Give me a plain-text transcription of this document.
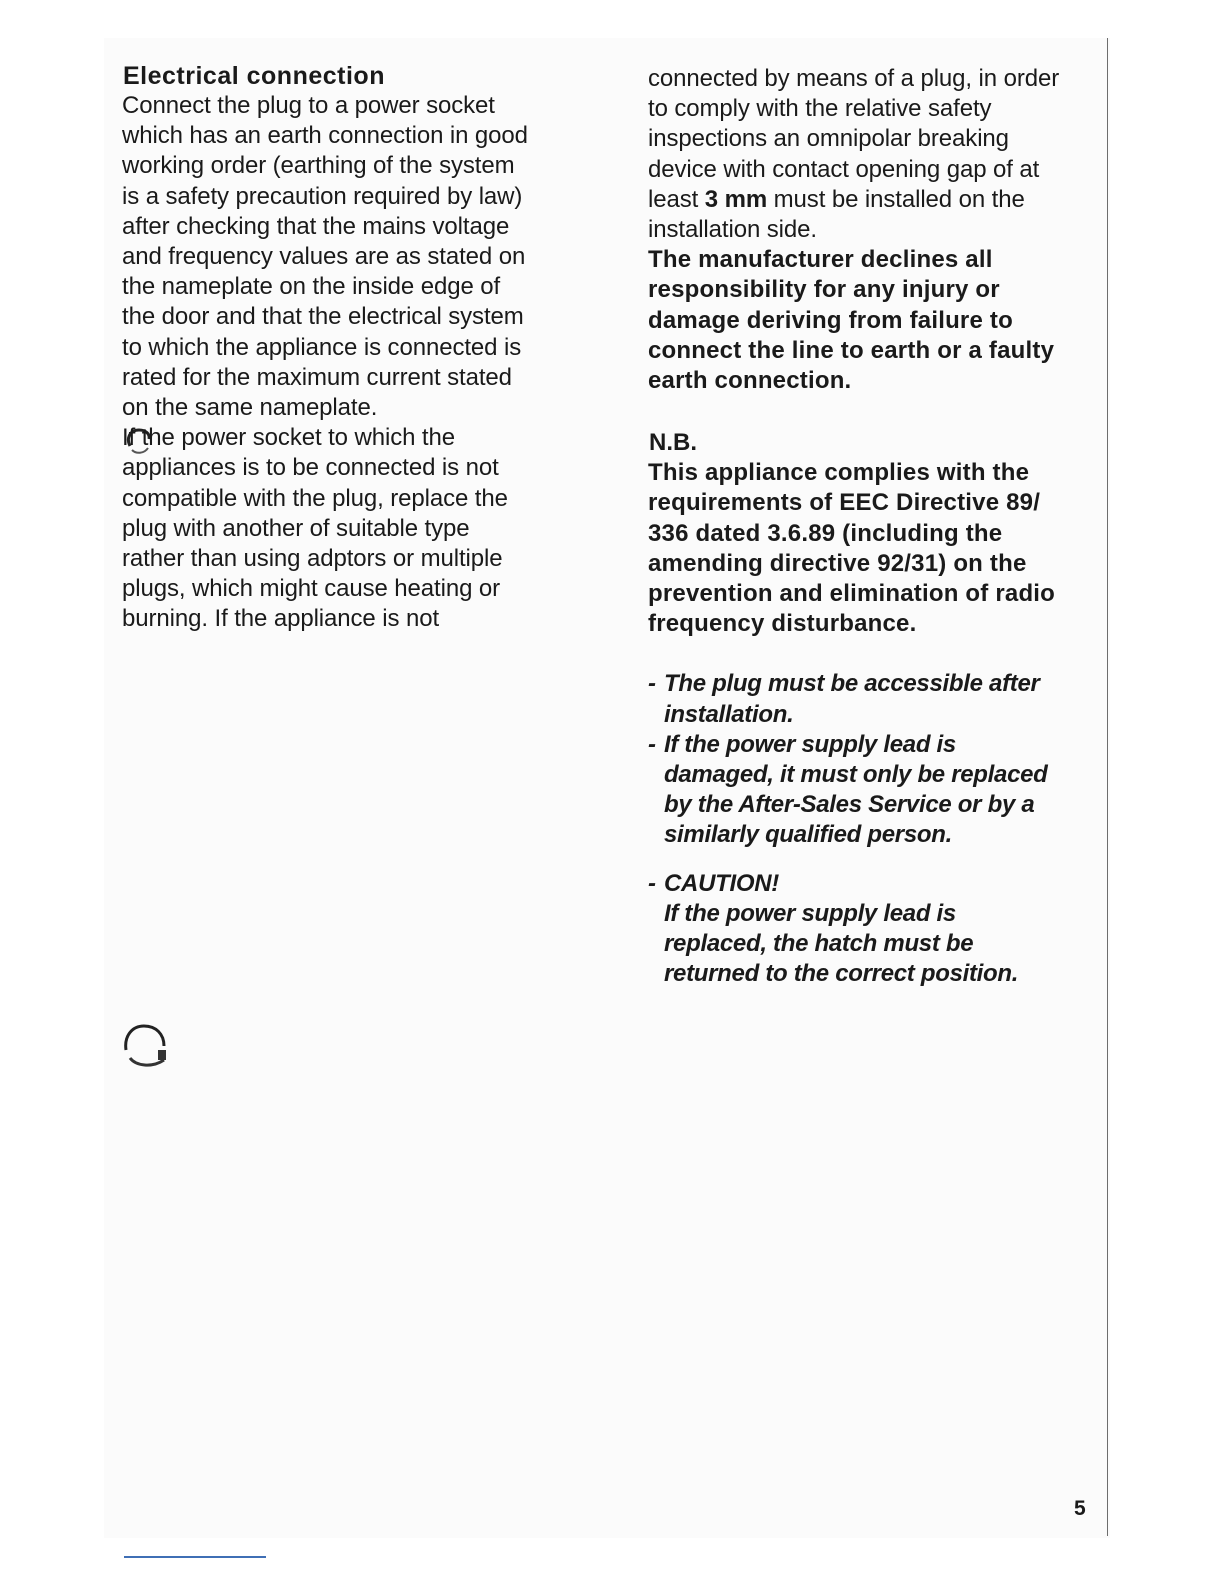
Electrical connection

Connect the plug to a power socket
which has an earth connection in good
working order (earthing of the system
is a safety precaution required by law)
after checking that the mains voltage
and frequency values are as stated on
the nameplate on the inside edge of
the door and that the electrical system
to which the appliance is connected is
rated for the maximum current stated
on the same nameplate.

If the power socket to which the
appliances is to be connected is not
compatible with the plug, replace the
plug with another of suitable type
rather than using adptors or multiple
plugs, which might cause heating or
burning. If the appliance is not

connected by means of a plug, in order
to comply with the relative safety
inspections an omnipolar breaking
device with contact opening gap of at
least 3 mm must be installed on the
installation side.

The manufacturer declines all
responsibility for any injury or
damage deriving from failure to
connect the line to earth or a faulty
earth connection.

N.B.

This appliance complies with the
requirements of EEC Directive 89/
336 dated 3.6.89 (including the
amending directive 92/31) on the
prevention and elimination of radio
frequency disturbance.

- The plug must be accessible after
installation.
- If the power supply lead is
damaged, it must only be replaced
by the After-Sales Service or by a
similarly qualified person.
- CAUTION!
If the power supply lead is
replaced, the hatch must be
returned to the correct position.
5
